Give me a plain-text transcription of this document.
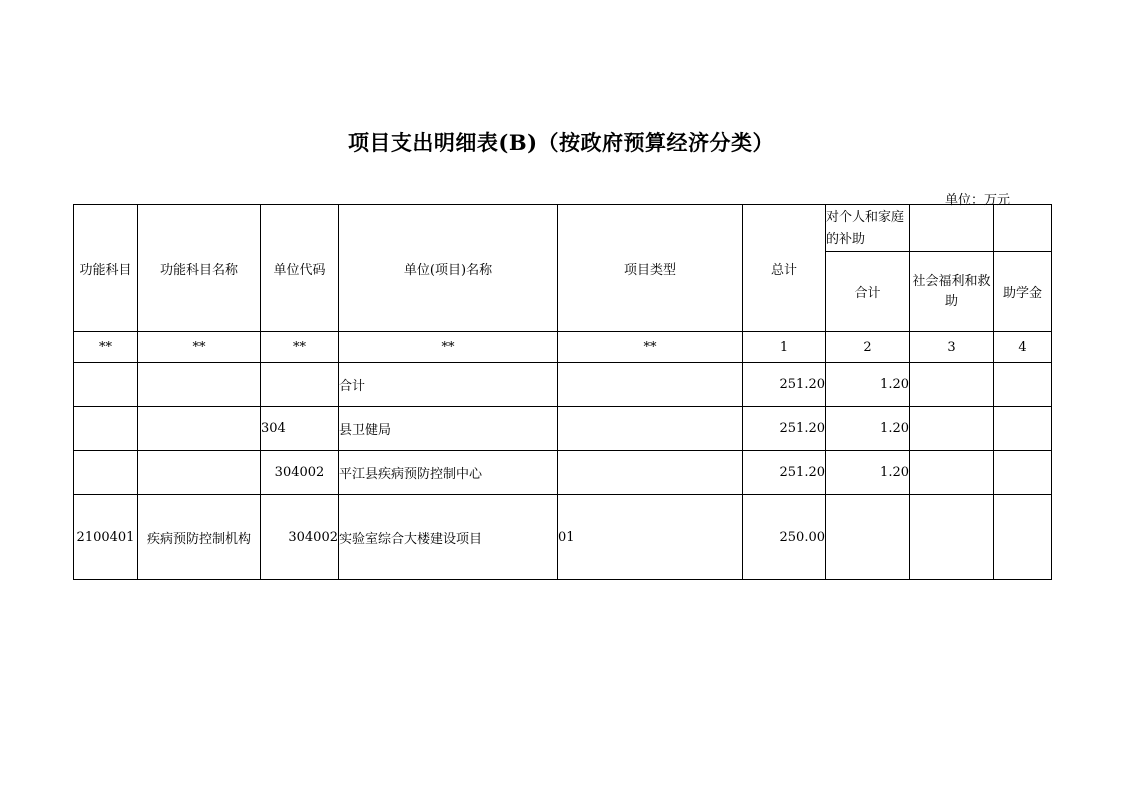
项目支出明细表(B)（按政府预算经济分类）
单位：万元
功能科目	功能科目名称	单位代码	单位(项目)名称	项目类型	总计	对个人和家庭的补助		
						合计	社会福利和救助	助学金
**	**	**	**	**	1	2	3	4
			合计		251.20	1.20		
		304	县卫健局		251.20	1.20		
		304002	平江县疾病预防控制中心		251.20	1.20		
2100401	疾病预防控制机构	304002	实验室综合大楼建设项目	01	250.00			
